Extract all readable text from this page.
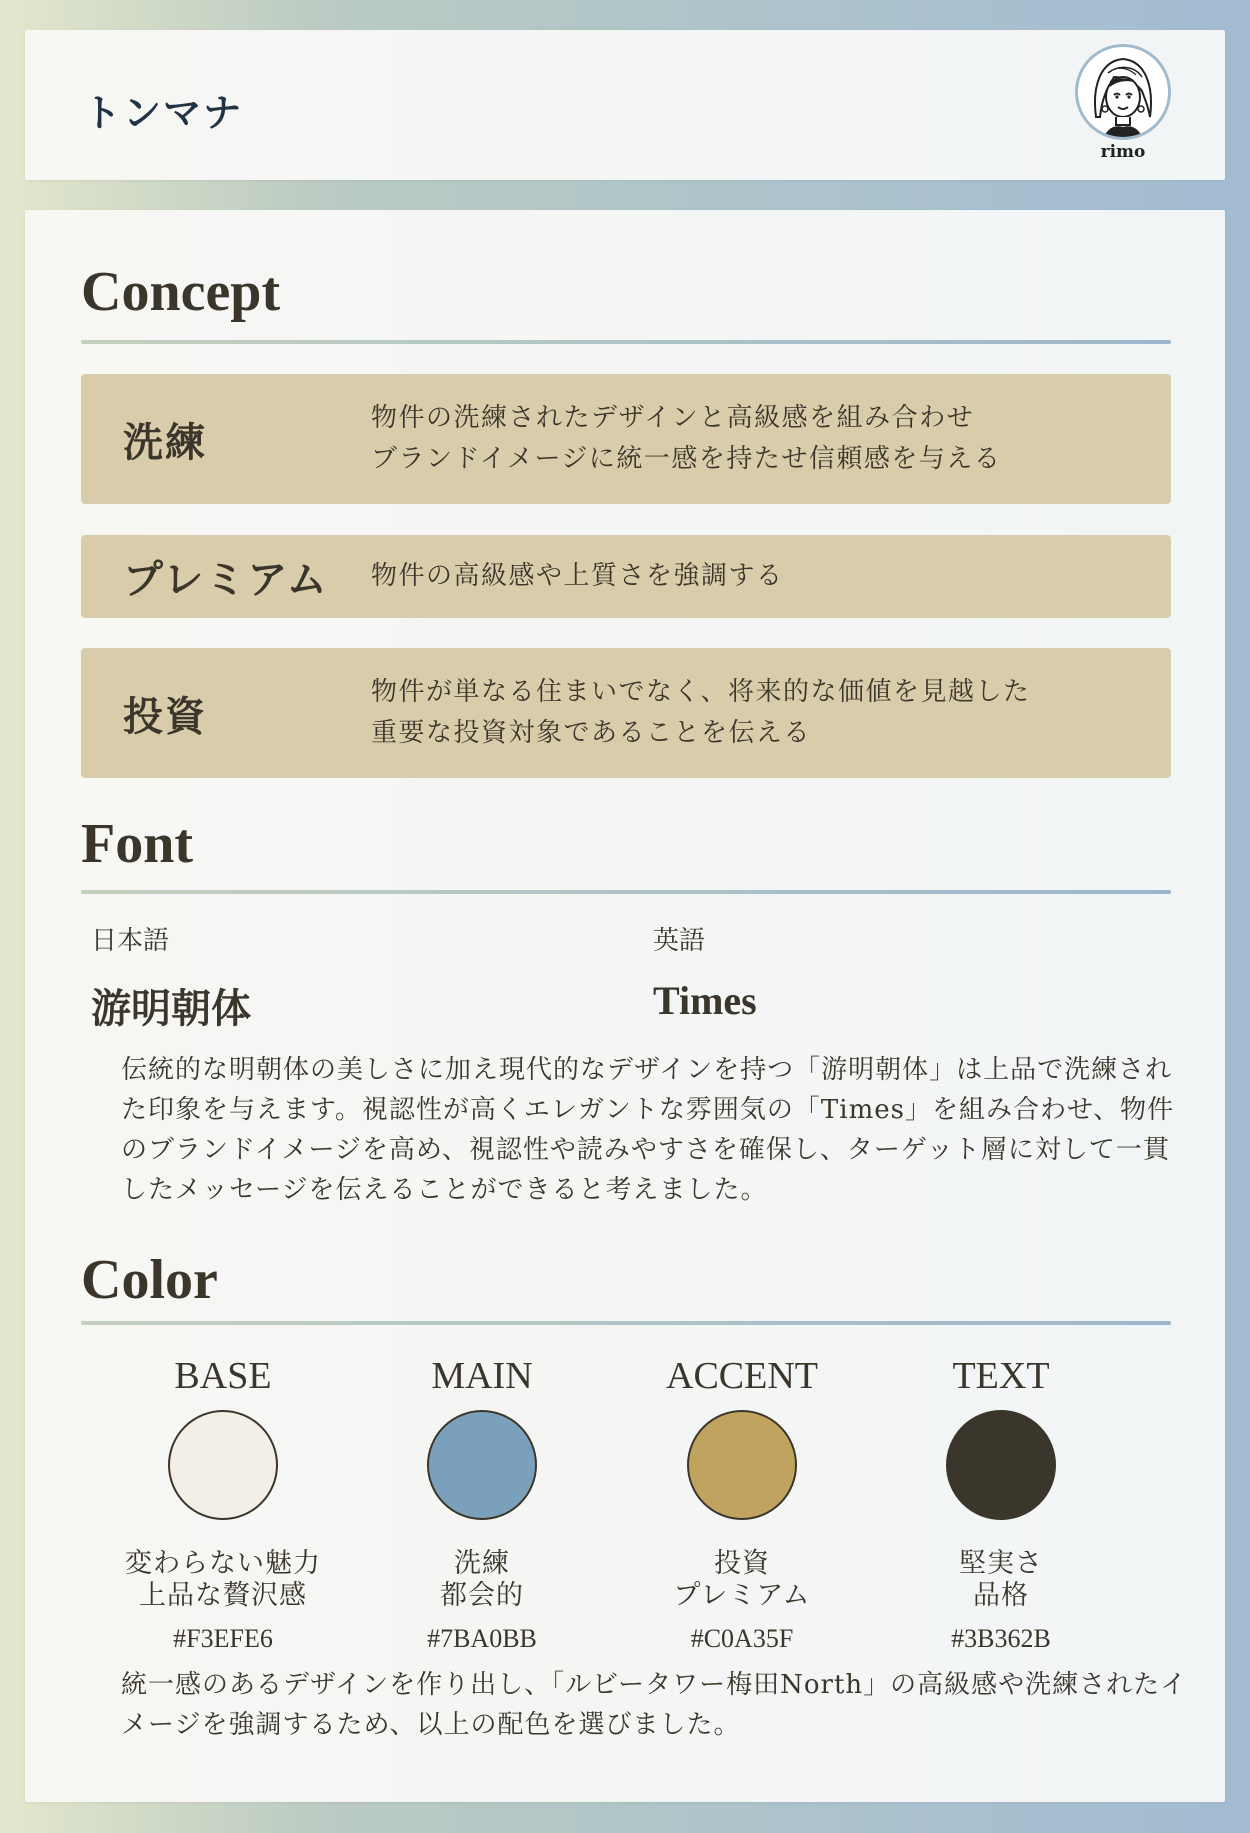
トンマナ
rimo
Concept
洗練
物件の洗練されたデザインと高級感を組み合わせ
ブランドイメージに統一感を持たせ信頼感を与える
プレミアム	物件の高級感や上質さを強調する
投資
物件が単なる住まいでなく、将来的な価値を見越した
重要な投資対象であることを伝える
Font
日本語
游明朝体
英語
Times
伝統的な明朝体の美しさに加え現代的なデザインを持つ「游明朝体」は上品で洗練された印象を与えます。視認性が高くエレガントな雰囲気の「Times」を組み合わせ、物件のブランドイメージを高め、視認性や読みやすさを確保し、ターゲット層に対して一貫したメッセージを伝えることができると考えました。
Color
BASE
変わらない魅力
上品な贅沢感
#F3EFE6
MAIN
洗練
都会的
#7BA0BB
ACCENT
投資
プレミアム
#C0A35F
TEXT
堅実さ
品格
#3B362B
統一感のあるデザインを作り出し、「ルビータワー梅田North」の高級感や洗練されたイメージを強調するため、以上の配色を選びました。
